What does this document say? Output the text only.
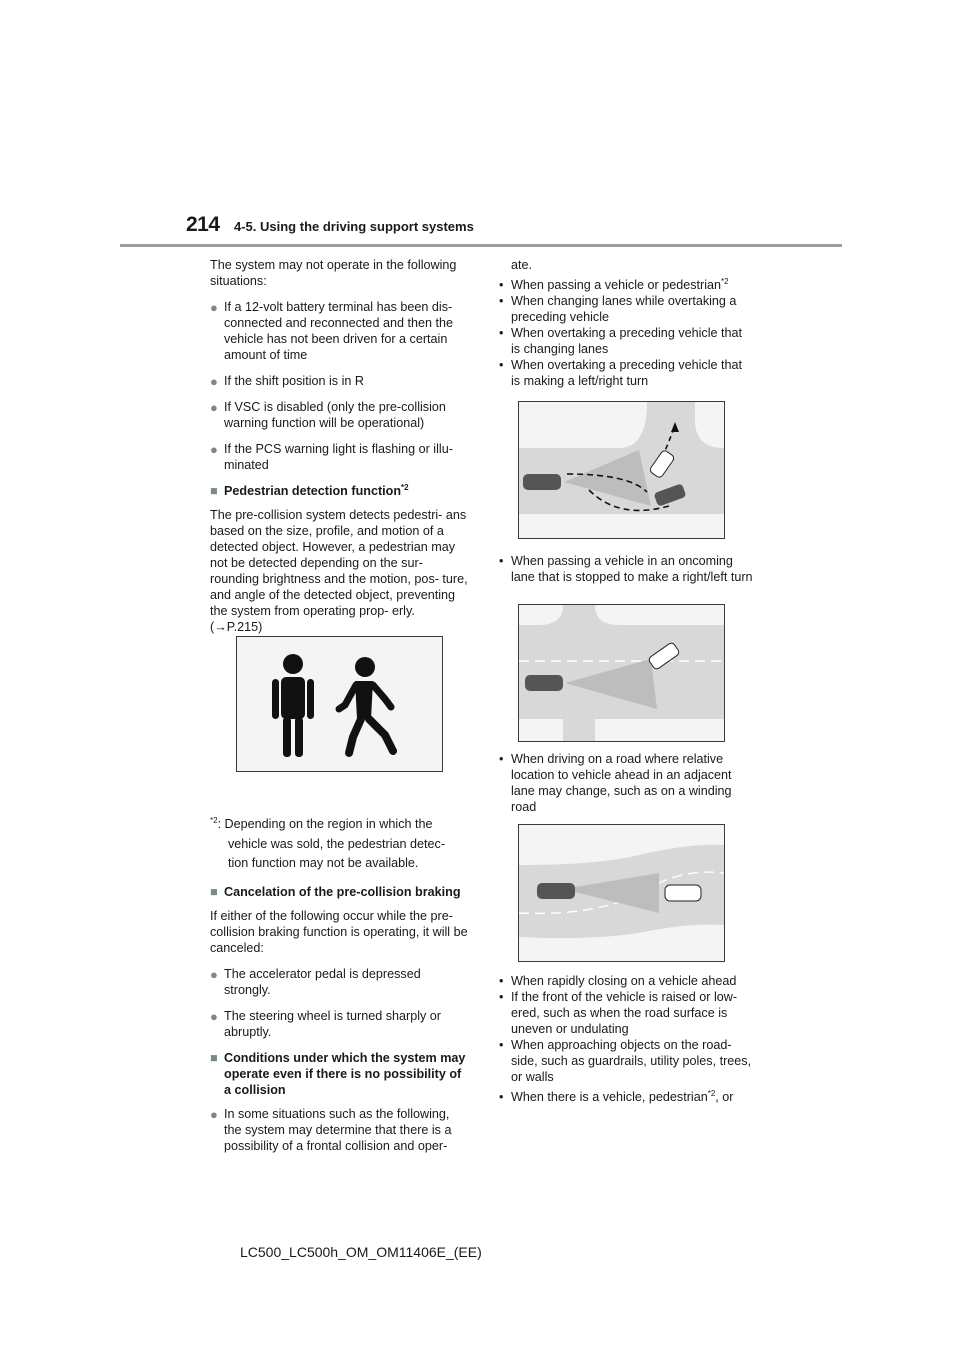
214 4-5. Using the driving support systems

The system may not operate in the following situations:

● If a 12-volt battery terminal has been dis- connected and reconnected and then the vehicle has not been driven for a certain amount of time
● If the shift position is in R
● If VSC is disabled (only the pre-collision warning function will be operational)
● If the PCS warning light is flashing or illu- minated
■ Pedestrian detection function$^{*2}$

The pre-collision system detects pedestri- ans based on the size, profile, and motion of a detected object. However, a pedestrian may not be detected depending on the sur- rounding brightness and the motion, pos- ture, and angle of the detected object, preventing the system from operating prop- erly. (→P.215)

$^{*2}$: Depending on the region in which the vehicle was sold, the pedestrian detec- tion function may not be available.

■ Cancelation of the pre-collision braking

If either of the following occur while the pre-collision braking function is operating, it will be canceled:

● The accelerator pedal is depressed strongly.
● The steering wheel is turned sharply or abruptly.
■ Conditions under which the system may operate even if there is no possibility of a collision
● In some situations such as the following, the system may determine that there is a possibility of a frontal collision and oper-

ate.

• When passing a vehicle or pedestrian$^{*2}$
• When changing lanes while overtaking a preceding vehicle
• When overtaking a preceding vehicle that is changing lanes
• When overtaking a preceding vehicle that is making a left/right turn
• When passing a vehicle in an oncoming lane that is stopped to make a right/left turn
• When driving on a road where relative location to vehicle ahead in an adjacent lane may change, such as on a winding road
• When rapidly closing on a vehicle ahead
• If the front of the vehicle is raised or low- ered, such as when the road surface is uneven or undulating
• When approaching objects on the road- side, such as guardrails, utility poles, trees, or walls
• When there is a vehicle, pedestrian$^{*2}$, or
LC500_LC500h_OM_OM11406E_(EE)
